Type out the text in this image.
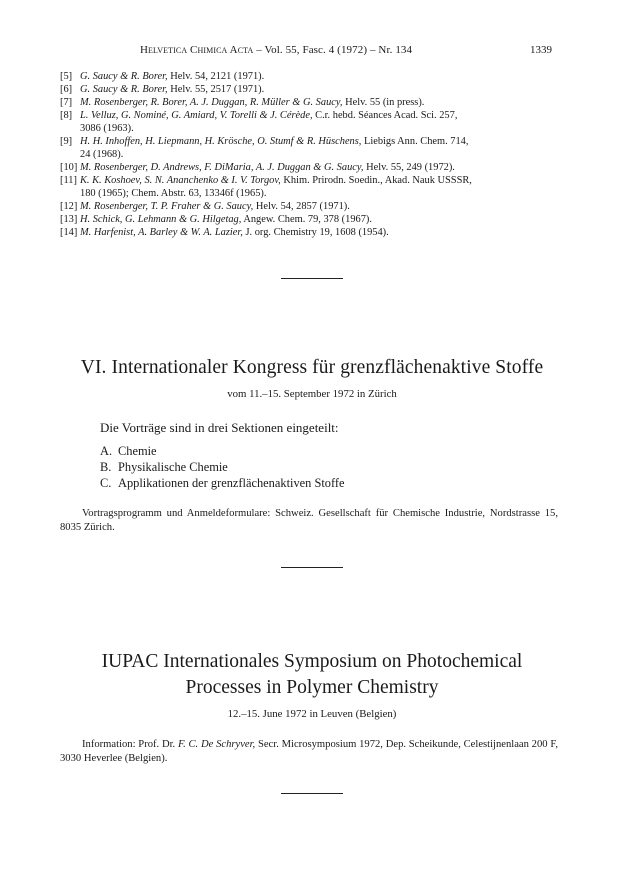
Helvetica Chimica Acta – Vol. 55, Fasc. 4 (1972) – Nr. 134	1339
[5] G. Saucy & R. Borer, Helv. 54, 2121 (1971).
[6] G. Saucy & R. Borer, Helv. 55, 2517 (1971).
[7] M. Rosenberger, R. Borer, A. J. Duggan, R. Müller & G. Saucy, Helv. 55 (in press).
[8] L. Velluz, G. Nominé, G. Amiard, V. Torelli & J. Cérède, C.r. hebd. Séances Acad. Sci. 257,
3086 (1963).
[9] H. H. Inhoffen, H. Liepmann, H. Krösche, O. Stumf & R. Hüschens, Liebigs Ann. Chem. 714,
24 (1968).
[10] M. Rosenberger, D. Andrews, F. DiMaria, A. J. Duggan & G. Saucy, Helv. 55, 249 (1972).
[11] K. K. Koshoev, S. N. Ananchenko & I. V. Torgov, Khim. Prirodn. Soedin., Akad. Nauk USSSR,
180 (1965); Chem. Abstr. 63, 13346f (1965).
[12] M. Rosenberger, T. P. Fraher & G. Saucy, Helv. 54, 2857 (1971).
[13] H. Schick, G. Lehmann & G. Hilgetag, Angew. Chem. 79, 378 (1967).
[14] M. Harfenist, A. Barley & W. A. Lazier, J. org. Chemistry 19, 1608 (1954).
VI. Internationaler Kongress für grenzflächenaktive Stoffe
vom 11.–15. September 1972 in Zürich
Die Vorträge sind in drei Sektionen eingeteilt:
A. Chemie
B. Physikalische Chemie
C. Applikationen der grenzflächenaktiven Stoffe
Vortragsprogramm und Anmeldeformulare: Schweiz. Gesellschaft für Chemische Industrie, Nordstrasse 15, 8035 Zürich.
IUPAC Internationales Symposium on Photochemical
Processes in Polymer Chemistry
12.–15. June 1972 in Leuven (Belgien)
Information: Prof. Dr. F. C. De Schryver, Secr. Microsymposium 1972, Dep. Scheikunde, Celestijnenlaan 200 F, 3030 Heverlee (Belgien).
